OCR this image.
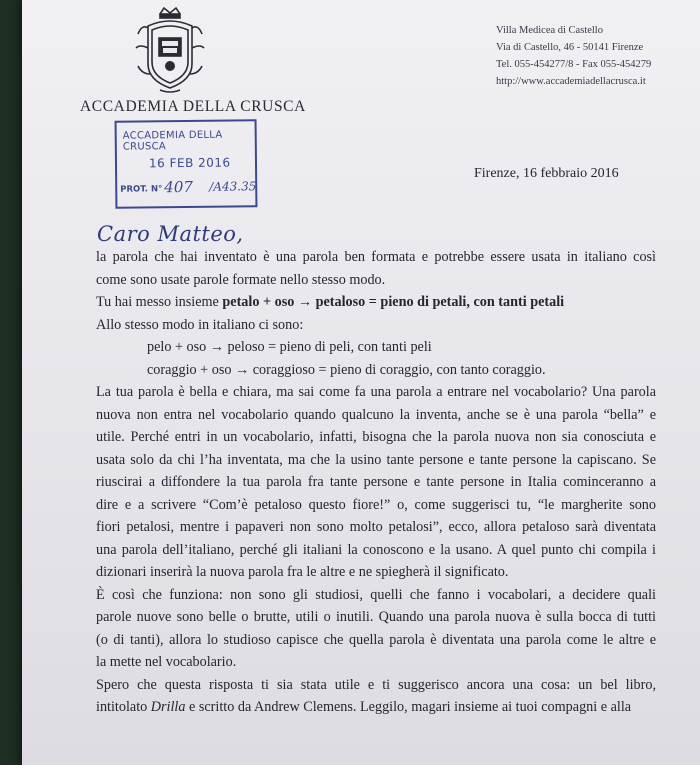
ACCADEMIA DELLA CRUSCA
Villa Medicea di Castello
Via di Castello, 46 - 50141 Firenze
Tel. 055-454277/8 - Fax 055-454279
http://www.accademiadellacrusca.it
ACCADEMIA DELLA CRUSCA
16 FEB 2016
PROT. N° 407 /A43.35
Firenze, 16 febbraio 2016
Caro Matteo,
la parola che hai inventato è una parola ben formata e potrebbe essere usata in italiano così
come sono usate parole formate nello stesso modo.
Tu hai messo insieme petalo + oso → petaloso = pieno di petali, con tanti petali
Allo stesso modo in italiano ci sono:
pelo + oso → peloso = pieno di peli, con tanti peli
coraggio + oso → coraggioso = pieno di coraggio, con tanto coraggio.
La tua parola è bella e chiara, ma sai come fa una parola a entrare nel vocabolario? Una parola
nuova non entra nel vocabolario quando qualcuno la inventa, anche se è una parola “bella” e
utile. Perché entri in un vocabolario, infatti, bisogna che la parola nuova non sia conosciuta e
usata solo da chi l’ha inventata, ma che la usino tante persone e tante persone la capiscano. Se
riuscirai a diffondere la tua parola fra tante persone e tante persone in Italia cominceranno a
dire e a scrivere “Com’è petaloso questo fiore!” o, come suggerisci tu, “le margherite sono
fiori petalosi, mentre i papaveri non sono molto petalosi”, ecco, allora petaloso sarà diventata
una parola dell’italiano, perché gli italiani la conoscono e la usano. A quel punto chi compila i
dizionari inserirà la nuova parola fra le altre e ne spiegherà il significato.
È così che funziona: non sono gli studiosi, quelli che fanno i vocabolari, a decidere quali
parole nuove sono belle o brutte, utili o inutili. Quando una parola nuova è sulla bocca di tutti
(o di tanti), allora lo studioso capisce che quella parola è diventata una parola come le altre e
la mette nel vocabolario.
Spero che questa risposta ti sia stata utile e ti suggerisco ancora una cosa: un bel libro,
intitolato Drilla e scritto da Andrew Clemens. Leggilo, magari insieme ai tuoi compagni e alla
